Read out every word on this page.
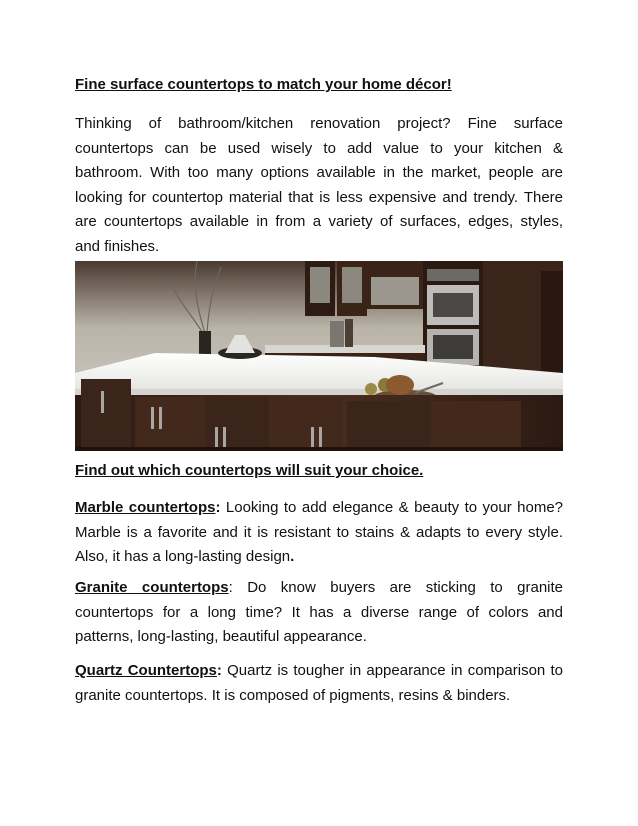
Fine surface countertops to match your home décor!
Thinking of bathroom/kitchen renovation project? Fine surface
countertops can be used wisely to add value to your kitchen &
bathroom. With too many options available in the market, people are
looking for countertop material that is less expensive and trendy. There
are countertops available in from a variety of surfaces, edges, styles,
and finishes.
Find out which countertops will suit your choice.
Marble countertops: Looking to add elegance & beauty to your home?
Marble is a favorite and it is resistant to stains & adapts to every style.
Also, it has a long-lasting design.
Granite countertops: Do know buyers are sticking to granite
countertops for a long time? It has a diverse range of colors and
patterns, long-lasting, beautiful appearance.
Quartz Countertops: Quartz is tougher in appearance in comparison to
granite countertops. It is composed of pigments, resins & binders.
